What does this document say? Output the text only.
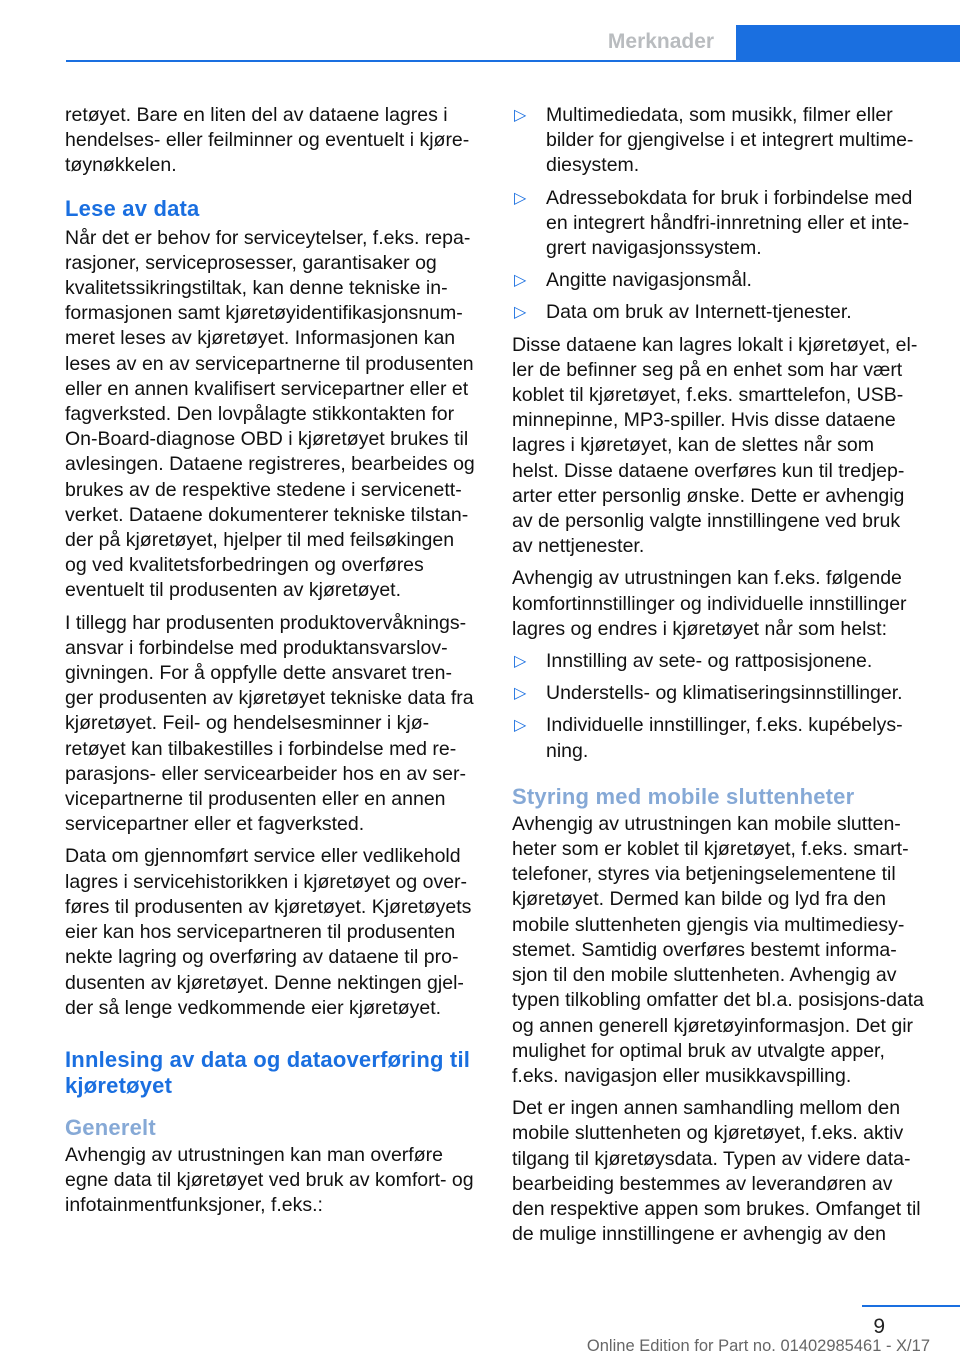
Merknader

retøyet. Bare en liten del av dataene lagres i hendelses- eller feilminner og eventuelt i kjøre-tøynøkkelen.

Lese av data

Når det er behov for serviceytelser, f.eks. repa-rasjoner, serviceprosesser, garantisaker og kvalitetssikringstiltak, kan denne tekniske in-formasjonen samt kjøretøyidentifikasjonsnum-meret leses av kjøretøyet. Informasjonen kan leses av en av servicepartnerne til produsenten eller en annen kvalifisert servicepartner eller et fagverksted. Den lovpålagte stikkontakten for On-Board-diagnose OBD i kjøretøyet brukes til avlesingen. Dataene registreres, bearbeides og brukes av de respektive stedene i servicenett-verket. Dataene dokumenterer tekniske tilstan-der på kjøretøyet, hjelper til med feilsøkingen og ved kvalitetsforbedringen og overføres eventuelt til produsenten av kjøretøyet.

I tillegg har produsenten produktovervåknings-ansvar i forbindelse med produktansvarslov-givningen. For å oppfylle dette ansvaret tren-ger produsenten av kjøretøyet tekniske data fra kjøretøyet. Feil- og hendelsesminner i kjø-retøyet kan tilbakestilles i forbindelse med re-parasjons- eller servicearbeider hos en av ser-vicepartnerne til produsenten eller en annen servicepartner eller et fagverksted.

Data om gjennomført service eller vedlikehold lagres i servicehistorikken i kjøretøyet og over-føres til produsenten av kjøretøyet. Kjøretøyets eier kan hos servicepartneren til produsenten nekte lagring og overføring av dataene til pro-dusenten av kjøretøyet. Denne nektingen gjel-der så lenge vedkommende eier kjøretøyet.

Innlesing av data og dataoverføring til kjøretøyet
Generelt

Avhengig av utrustningen kan man overføre egne data til kjøretøyet ved bruk av komfort- og infotainmentfunksjoner, f.eks.:

▷ Multimediedata, som musikk, filmer eller bilder for gjengivelse i et integrert multime-diesystem.
▷ Adressebokdata for bruk i forbindelse med en integrert håndfri-innretning eller et inte-grert navigasjonssystem.
▷ Angitte navigasjonsmål.
▷ Data om bruk av Internett-tjenester.

Disse dataene kan lagres lokalt i kjøretøyet, el-ler de befinner seg på en enhet som har vært koblet til kjøretøyet, f.eks. smarttelefon, USB-minnepinne, MP3-spiller. Hvis disse dataene lagres i kjøretøyet, kan de slettes når som helst. Disse dataene overføres kun til tredjep-arter etter personlig ønske. Dette er avhengig av de personlig valgte innstillingene ved bruk av nettjenester.

Avhengig av utrustningen kan f.eks. følgende komfortinnstillinger og individuelle innstillinger lagres og endres i kjøretøyet når som helst:

▷ Innstilling av sete- og rattposisjonene.
▷ Understells- og klimatiseringsinnstillinger.
▷ Individuelle innstillinger, f.eks. kupébelys-ning.
Styring med mobile sluttenheter

Avhengig av utrustningen kan mobile slutten-heter som er koblet til kjøretøyet, f.eks. smart-telefoner, styres via betjeningselementene til kjøretøyet. Dermed kan bilde og lyd fra den mobile sluttenheten gjengis via multimediesy-stemet. Samtidig overføres bestemt informa-sjon til den mobile sluttenheten. Avhengig av typen tilkobling omfatter det bl.a. posisjons-data og annen generell kjøretøyinformasjon. Det gir mulighet for optimal bruk av utvalgte apper, f.eks. navigasjon eller musikkavspilling.

Det er ingen annen samhandling mellom den mobile sluttenheten og kjøretøyet, f.eks. aktiv tilgang til kjøretøysdata. Typen av videre data-bearbeiding bestemmes av leverandøren av den respektive appen som brukes. Omfanget til de mulige innstillingene er avhengig av den

9
Online Edition for Part no. 01402985461 - X/17
